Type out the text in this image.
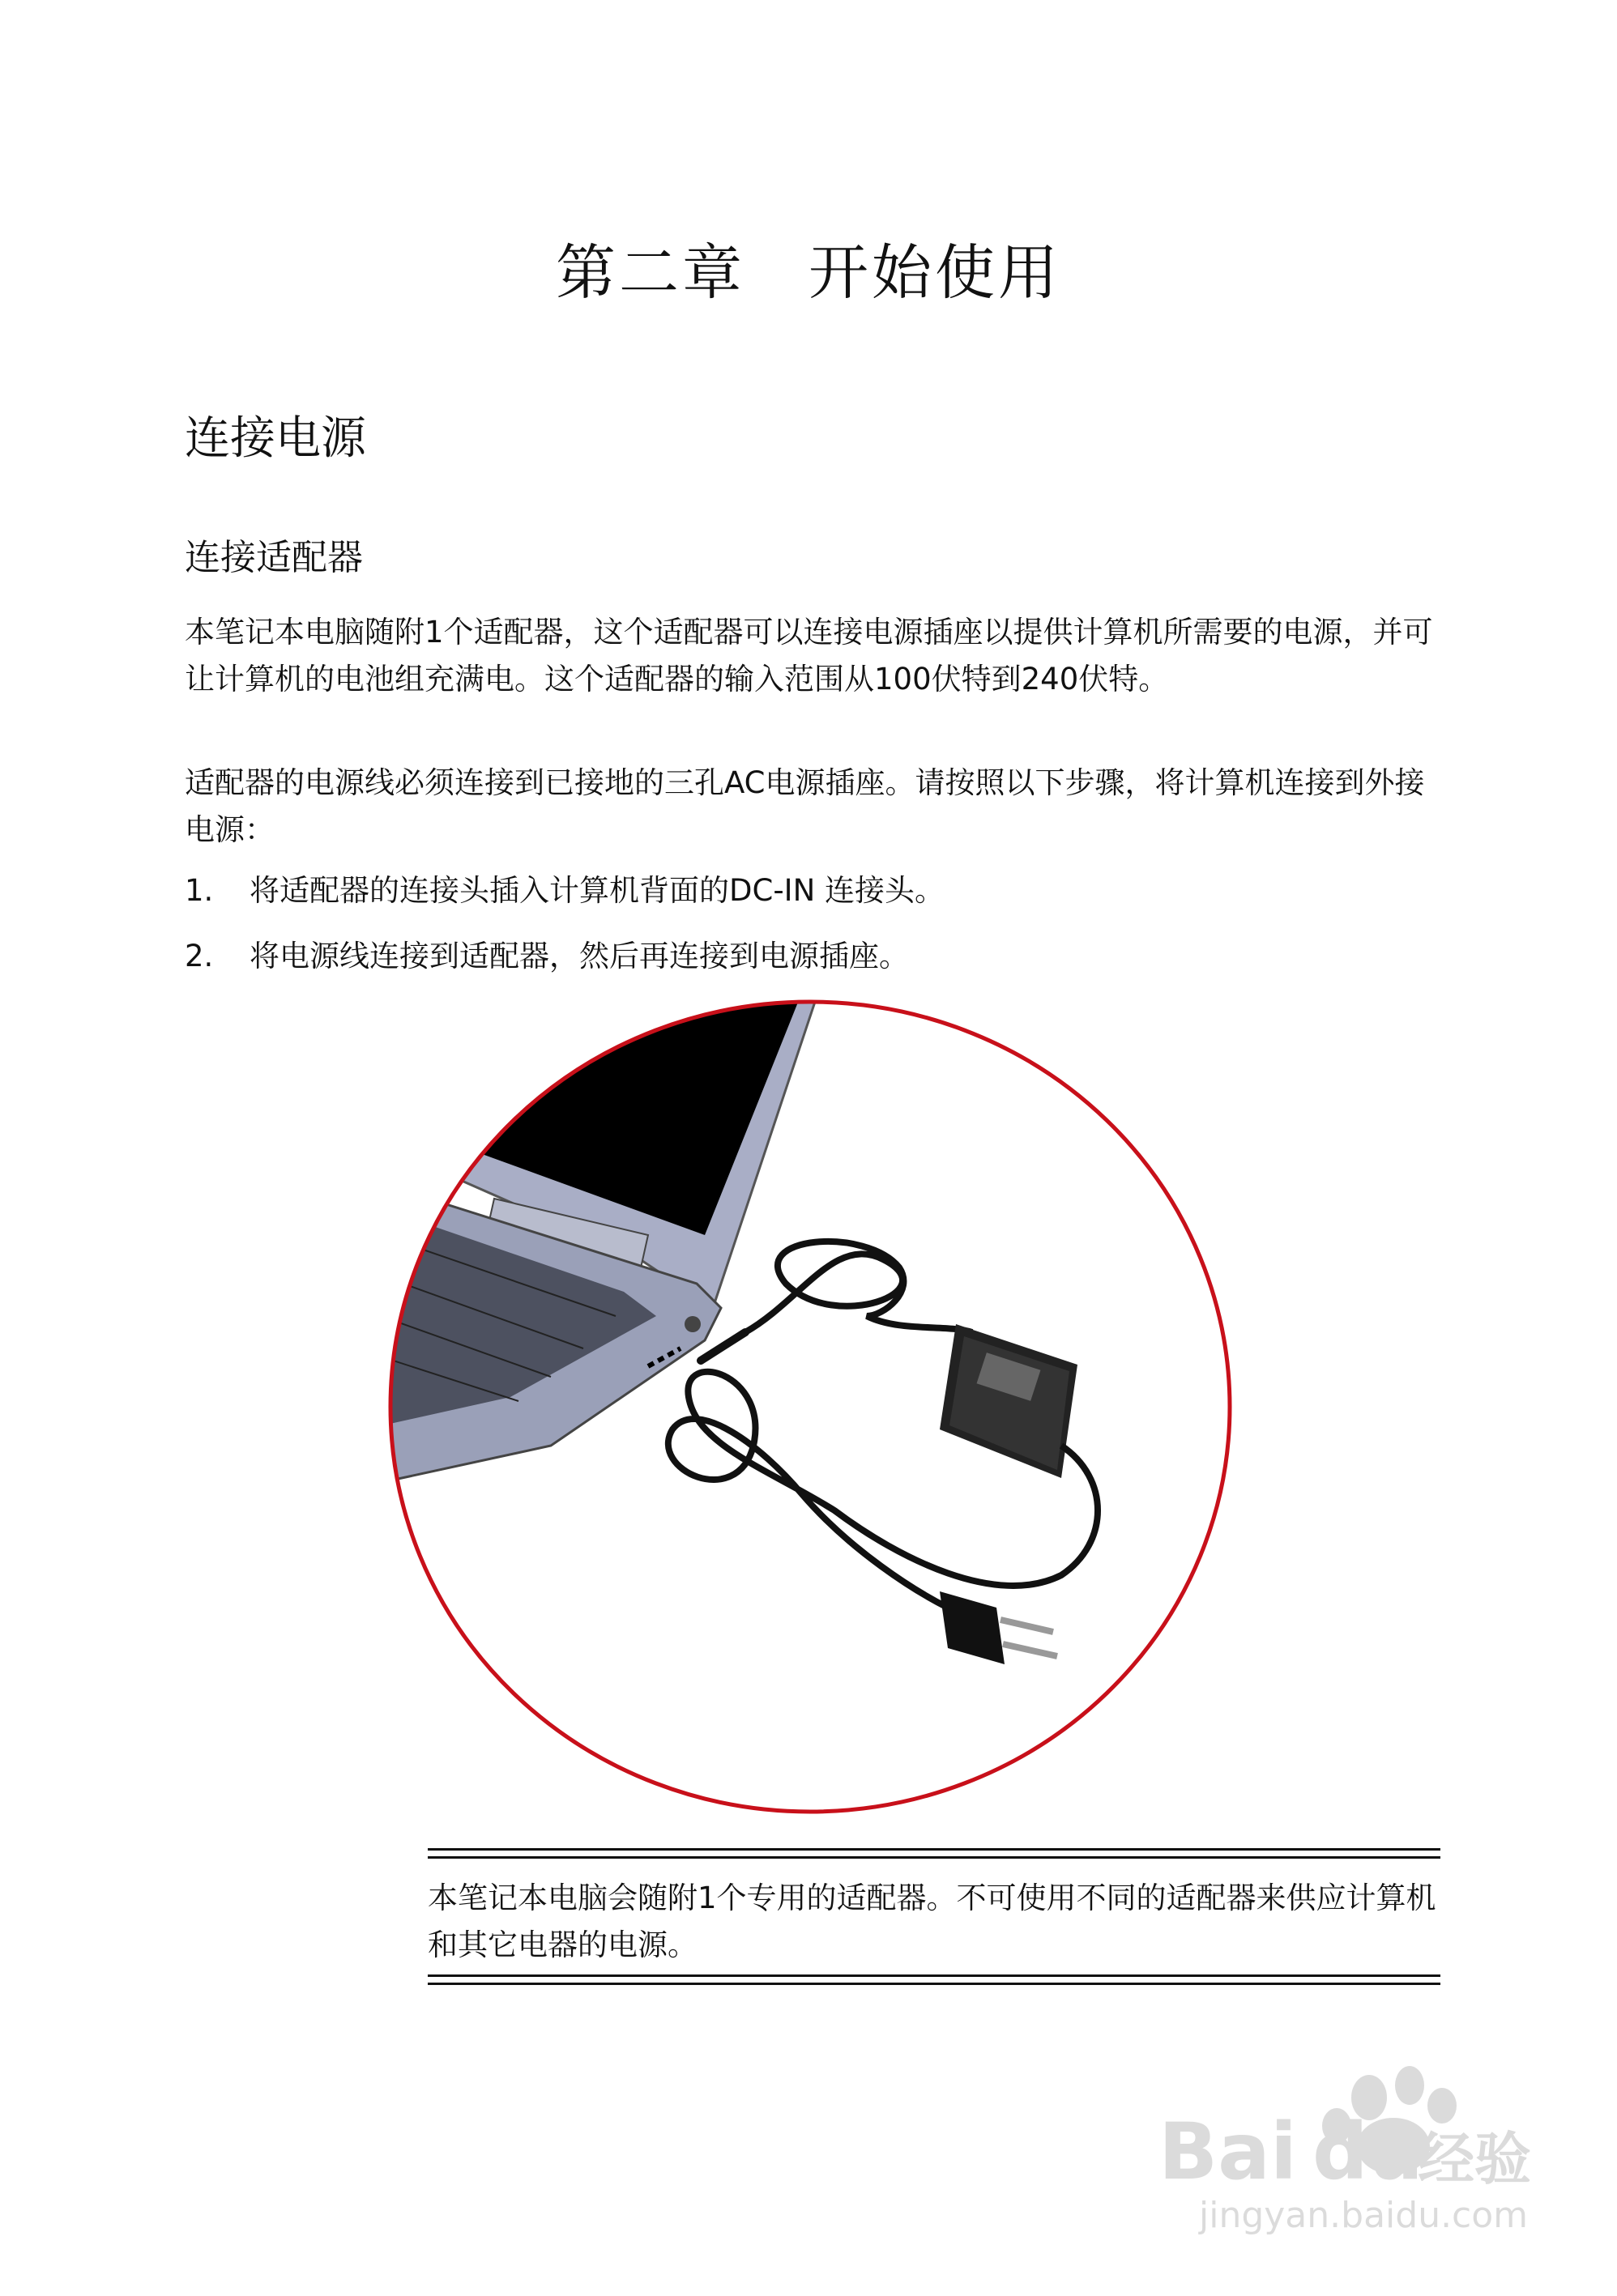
第二章　开始使用
连接电源
连接适配器
本笔记本电脑随附1个适配器，这个适配器可以连接电源插座以提供计算机所需要的电源，并可让计算机的电池组充满电。这个适配器的输入范围从100伏特到240伏特。
适配器的电源线必须连接到已接地的三孔AC电源插座。请按照以下步骤，将计算机连接到外接电源：
1. 将适配器的连接头插入计算机背面的DC-IN 连接头。
2. 将电源线连接到适配器，然后再连接到电源插座。
本笔记本电脑会随附1个专用的适配器。不可使用不同的适配器来供应计算机和其它电器的电源。
Bai du
经验
jingyan.baidu.com
